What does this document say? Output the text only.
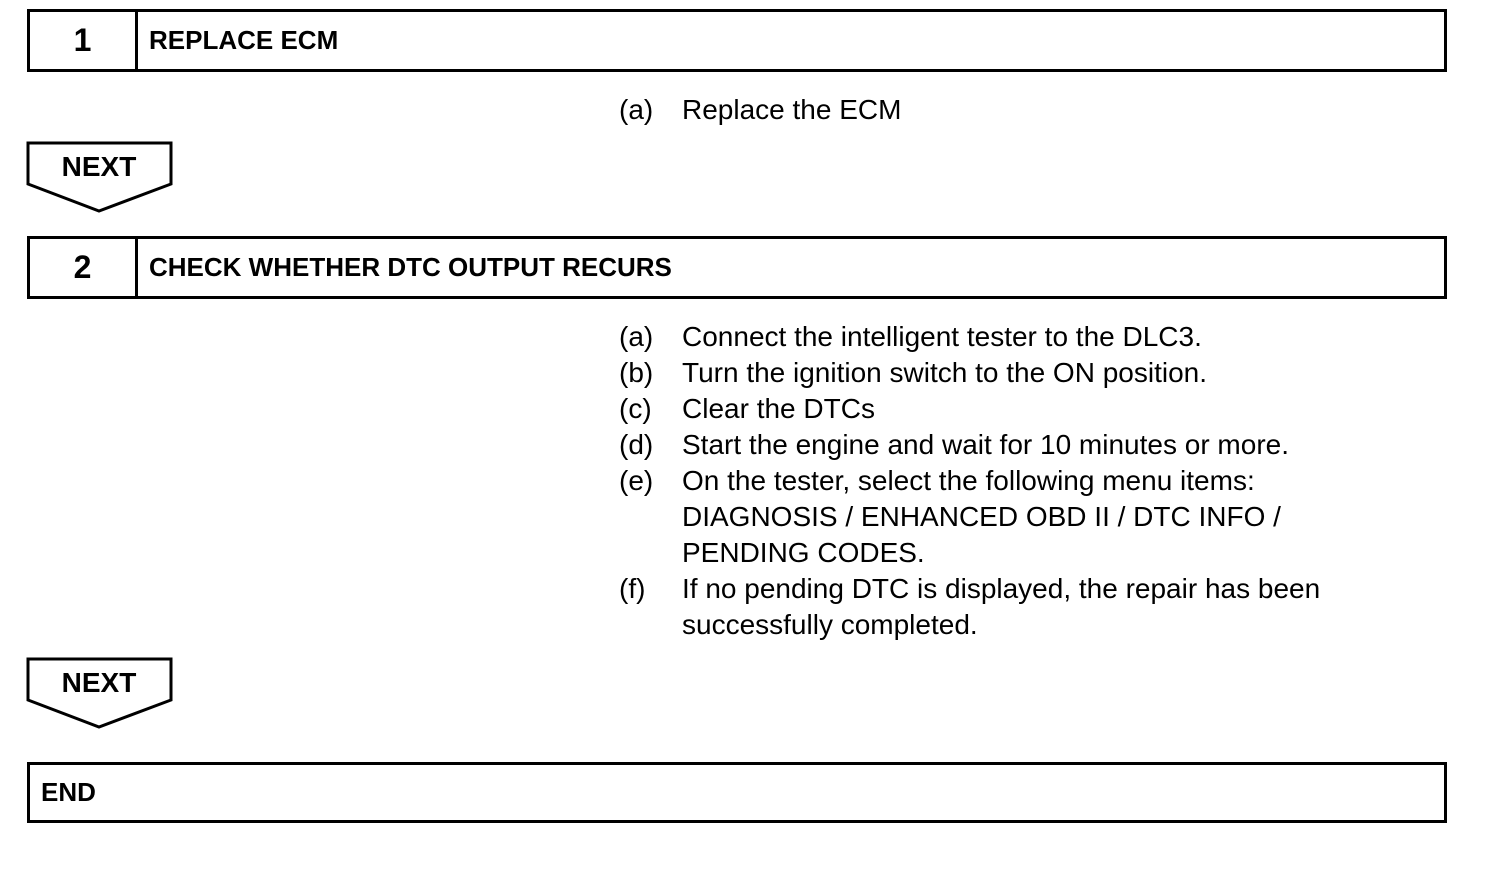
1	REPLACE ECM
(a)	Replace the ECM
NEXT
2	CHECK WHETHER DTC OUTPUT RECURS
(a)	Connect the intelligent tester to the DLC3.
(b)	Turn the ignition switch to the ON position.
(c)	Clear the DTCs
(d)	Start the engine and wait for 10 minutes or more.
(e)	On the tester, select the following menu items: DIAGNOSIS / ENHANCED OBD II / DTC INFO / PENDING CODES.
(f)	If no pending DTC is displayed, the repair has been successfully completed.
NEXT
END
